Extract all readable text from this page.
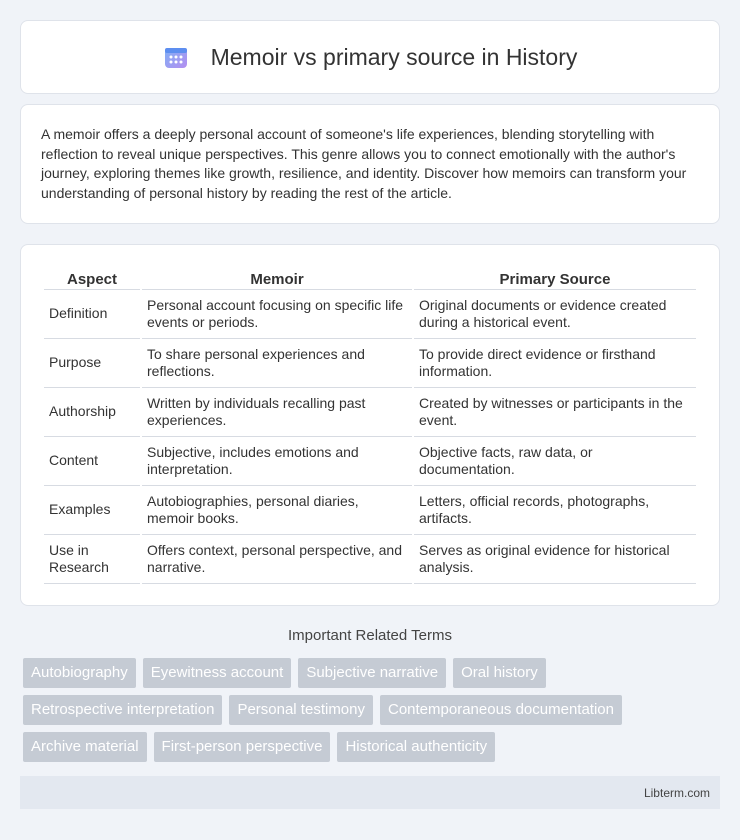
Memoir vs primary source in History

A memoir offers a deeply personal account of someone's life experiences, blending storytelling with reflection to reveal unique perspectives. This genre allows you to connect emotionally with the author's journey, exploring themes like growth, resilience, and identity. Discover how memoirs can transform your understanding of personal history by reading the rest of the article.

Aspect	Memoir	Primary Source
Definition	Personal account focusing on specific life events or periods.	Original documents or evidence created during a historical event.
Purpose	To share personal experiences and reflections.	To provide direct evidence or firsthand information.
Authorship	Written by individuals recalling past experiences.	Created by witnesses or participants in the event.
Content	Subjective, includes emotions and interpretation.	Objective facts, raw data, or documentation.
Examples	Autobiographies, personal diaries, memoir books.	Letters, official records, photographs, artifacts.
Use in Research	Offers context, personal perspective, and narrative.	Serves as original evidence for historical analysis.
Important Related Terms
Autobiography	Eyewitness account	Subjective narrative	Oral history
Retrospective interpretation	Personal testimony	Contemporaneous documentation
Archive material	First-person perspective	Historical authenticity
Libterm.com
